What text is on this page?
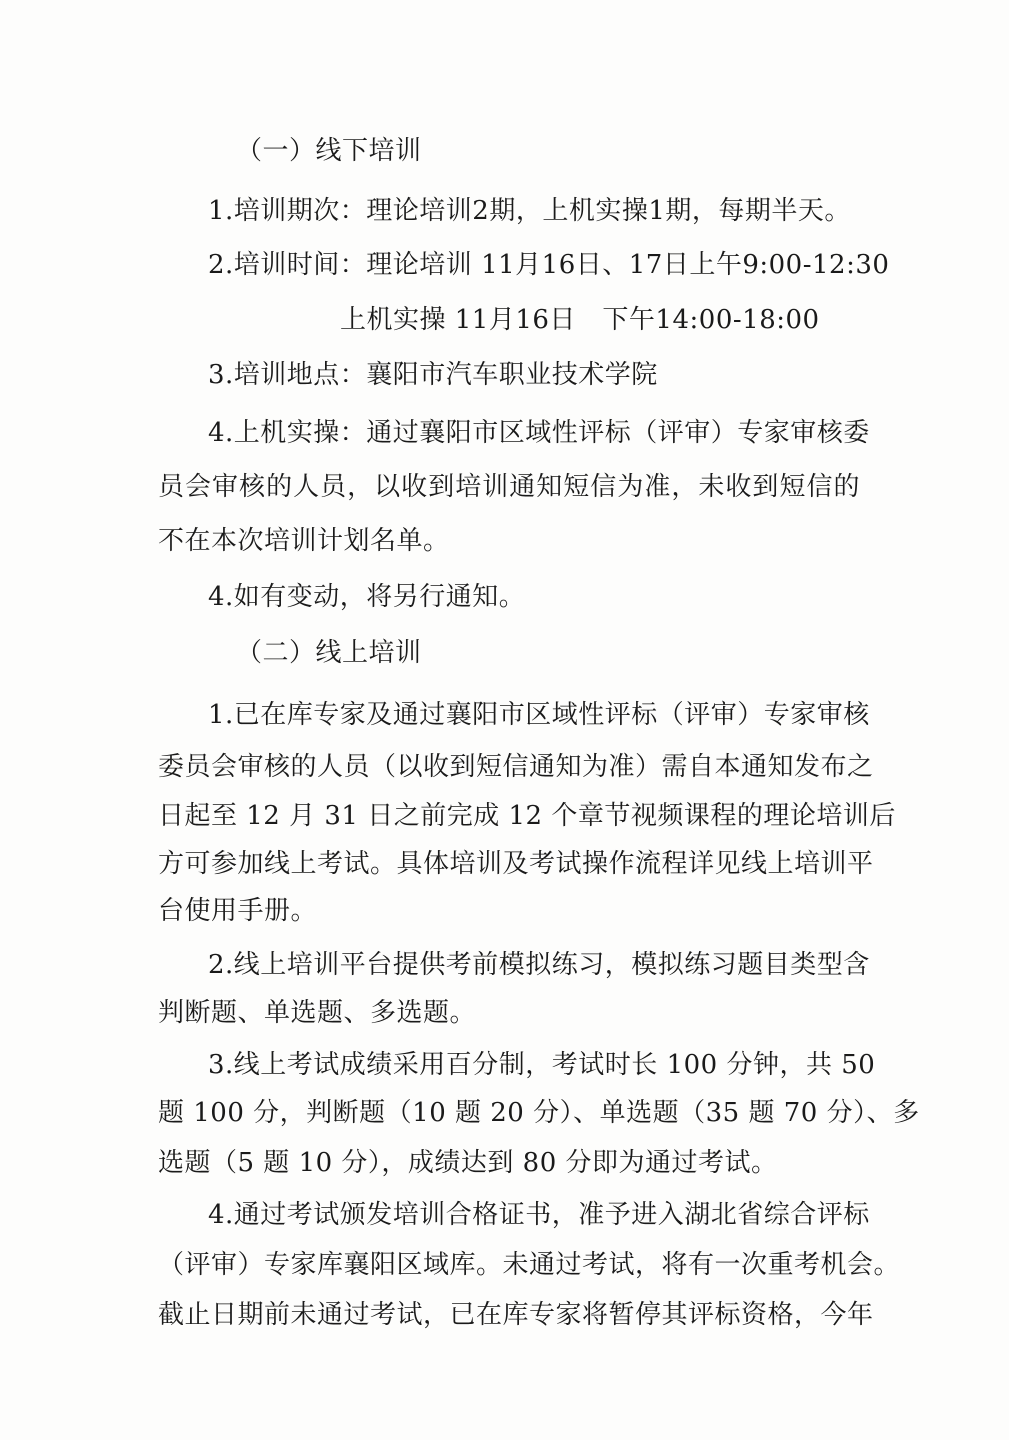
（一）线下培训
1.培训期次：理论培训2期，上机实操1期，每期半天。
2.培训时间：理论培训 11月16日、17日上午9:00-12:30
上机实操 11月16日　下午14:00-18:00
3.培训地点：襄阳市汽车职业技术学院
4.上机实操：通过襄阳市区域性评标（评审）专家审核委
员会审核的人员，以收到培训通知短信为准，未收到短信的
不在本次培训计划名单。
4.如有变动，将另行通知。
（二）线上培训
1.已在库专家及通过襄阳市区域性评标（评审）专家审核
委员会审核的人员（以收到短信通知为准）需自本通知发布之
日起至 12 月 31 日之前完成 12 个章节视频课程的理论培训后
方可参加线上考试。具体培训及考试操作流程详见线上培训平
台使用手册。
2.线上培训平台提供考前模拟练习，模拟练习题目类型含
判断题、单选题、多选题。
3.线上考试成绩采用百分制，考试时长 100 分钟，共 50
题 100 分，判断题（10 题 20 分）、单选题（35 题 70 分）、多
选题（5 题 10 分），成绩达到 80 分即为通过考试。
4.通过考试颁发培训合格证书，准予进入湖北省综合评标
（评审）专家库襄阳区域库。未通过考试，将有一次重考机会。
截止日期前未通过考试，已在库专家将暂停其评标资格，今年
